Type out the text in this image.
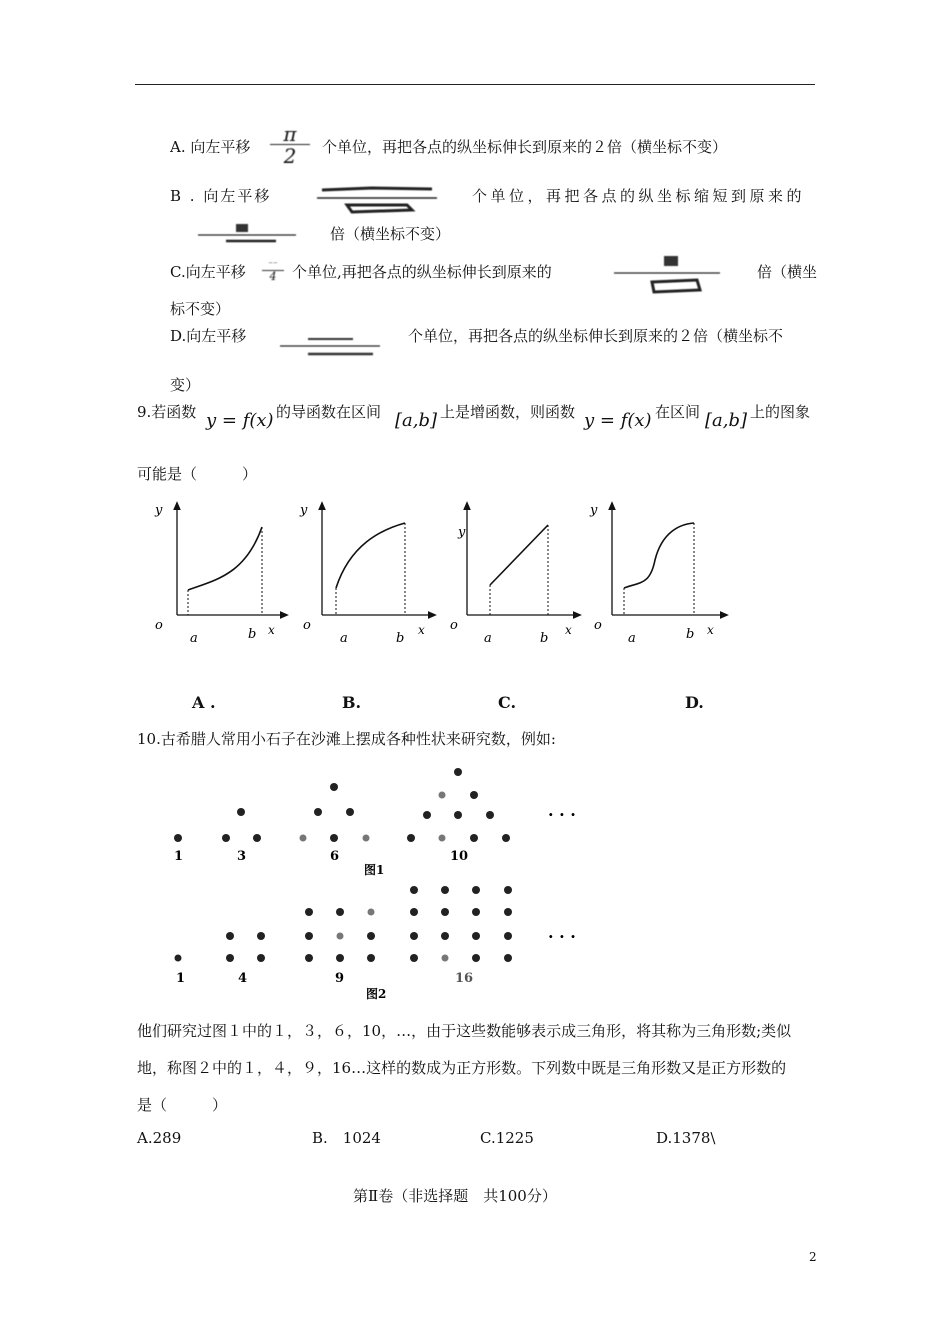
A. 向左平移 $\frac{\pi}{2}$ 个单位，再把各点的纵坐标伸长到原来的２倍（横坐标不变）
B . 向左平移	个单位，再把各点的纵坐标缩短到原来的
倍（横坐标不变）
C.向左平移	⁻⁻
4	个单位,再把各点的纵坐标伸长到原来的	倍（横坐
标不变）
D.向左平移	个单位，再把各点的纵坐标伸长到原来的２倍（横坐标不
变）
9.若函数 y = f(x) 的导函数在区间 [a,b] 上是增函数，则函数 y = f(x) 在区间 [a,b] 上的图象
可能是（　　　）
y
o
a	b x
y
o
a	b
x
y
o
a	b
x
y
o
a	b x
A .	B.	C.	D.
10.古希腊人常用小石子在沙滩上摆成各种性状来研究数，例如:
1	3	6	10
图1
· · ·
1	4	9	16
图2
· · ·
他们研究过图１中的１，３，６，10，…，由于这些数能够表示成三角形，将其称为三角形数;类似
地，称图２中的１，４，９，16…这样的数成为正方形数。下列数中既是三角形数又是正方形数的
是（　　　）
A.289	B.　1024	C.1225	D.1378\
第Ⅱ卷（非选择题　共100分）
2
